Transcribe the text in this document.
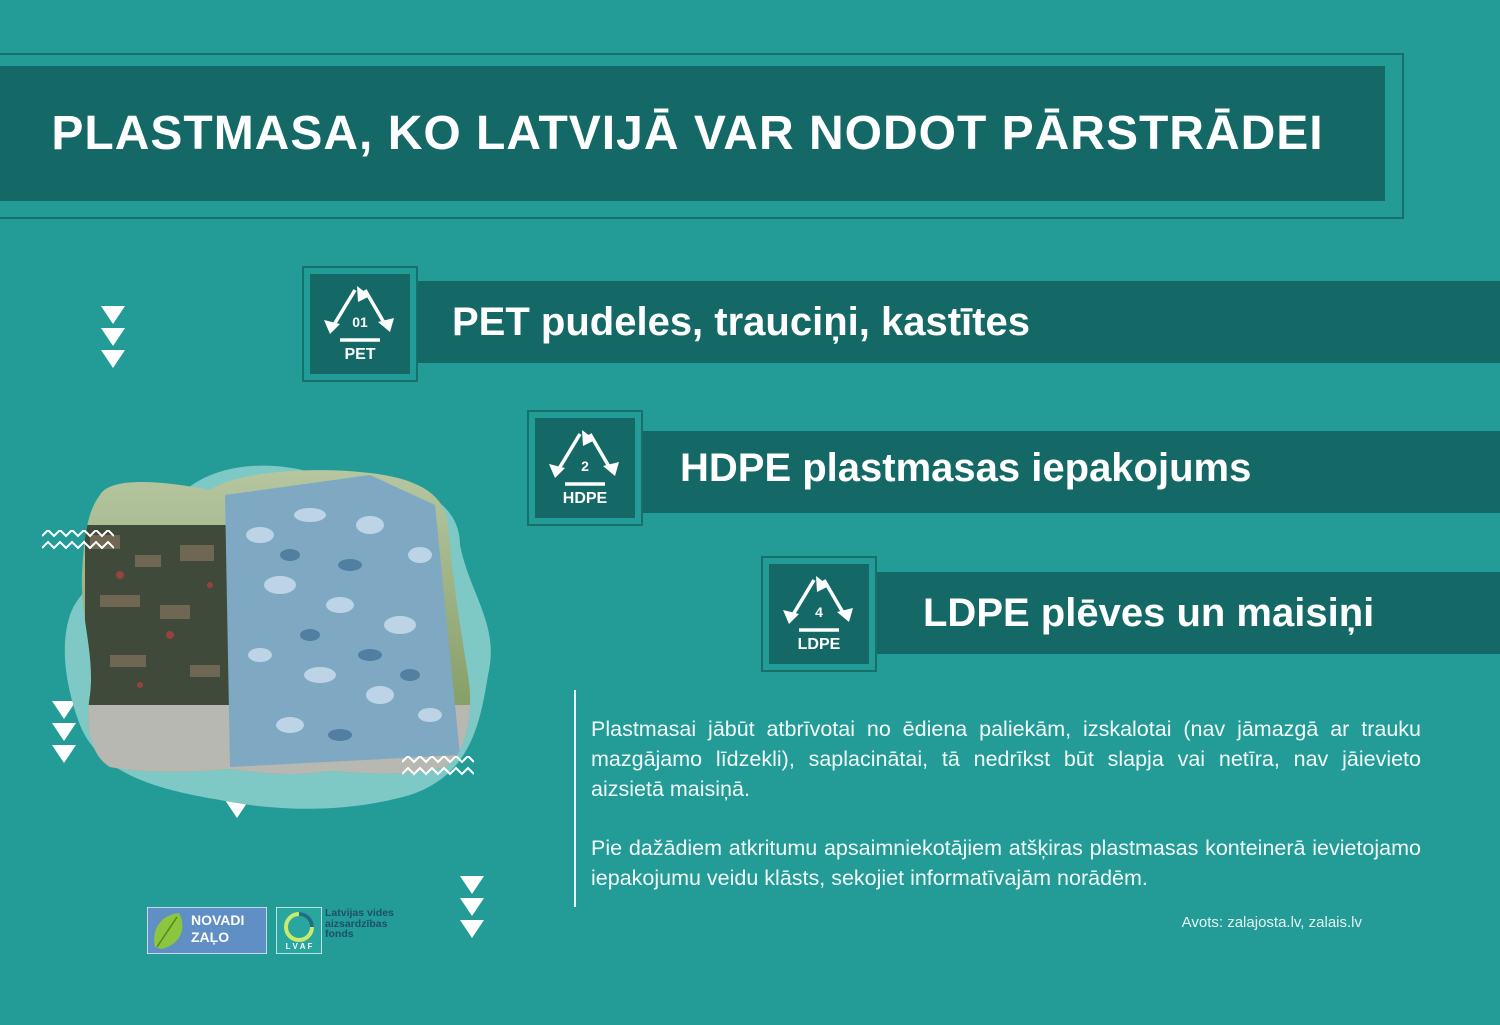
PLASTMASA, KO LATVIJĀ VAR NODOT PĀRSTRĀDEI
01
PET
PET pudeles, trauciņi, kastītes
2
HDPE
HDPE plastmasas iepakojums
4
LDPE
LDPE plēves un maisiņi
Plastmasai jābūt atbrīvotai no ēdiena paliekām, izskalotai (nav jāmazgā ar trauku mazgājamo līdzekli), saplacinātai, tā nedrīkst būt slapja vai netīra, nav jāievieto aizsietā maisiņā.
Pie dažādiem atkritumu apsaimniekotājiem atšķiras plastmasas konteinerā ievietojamo iepakojumu veidu klāsts, sekojiet informatīvajām norādēm.
Avots: zalajosta.lv, zalais.lv
NOVADI ZAĻO
L V A F
Latvijas vides aizsardzības fonds
